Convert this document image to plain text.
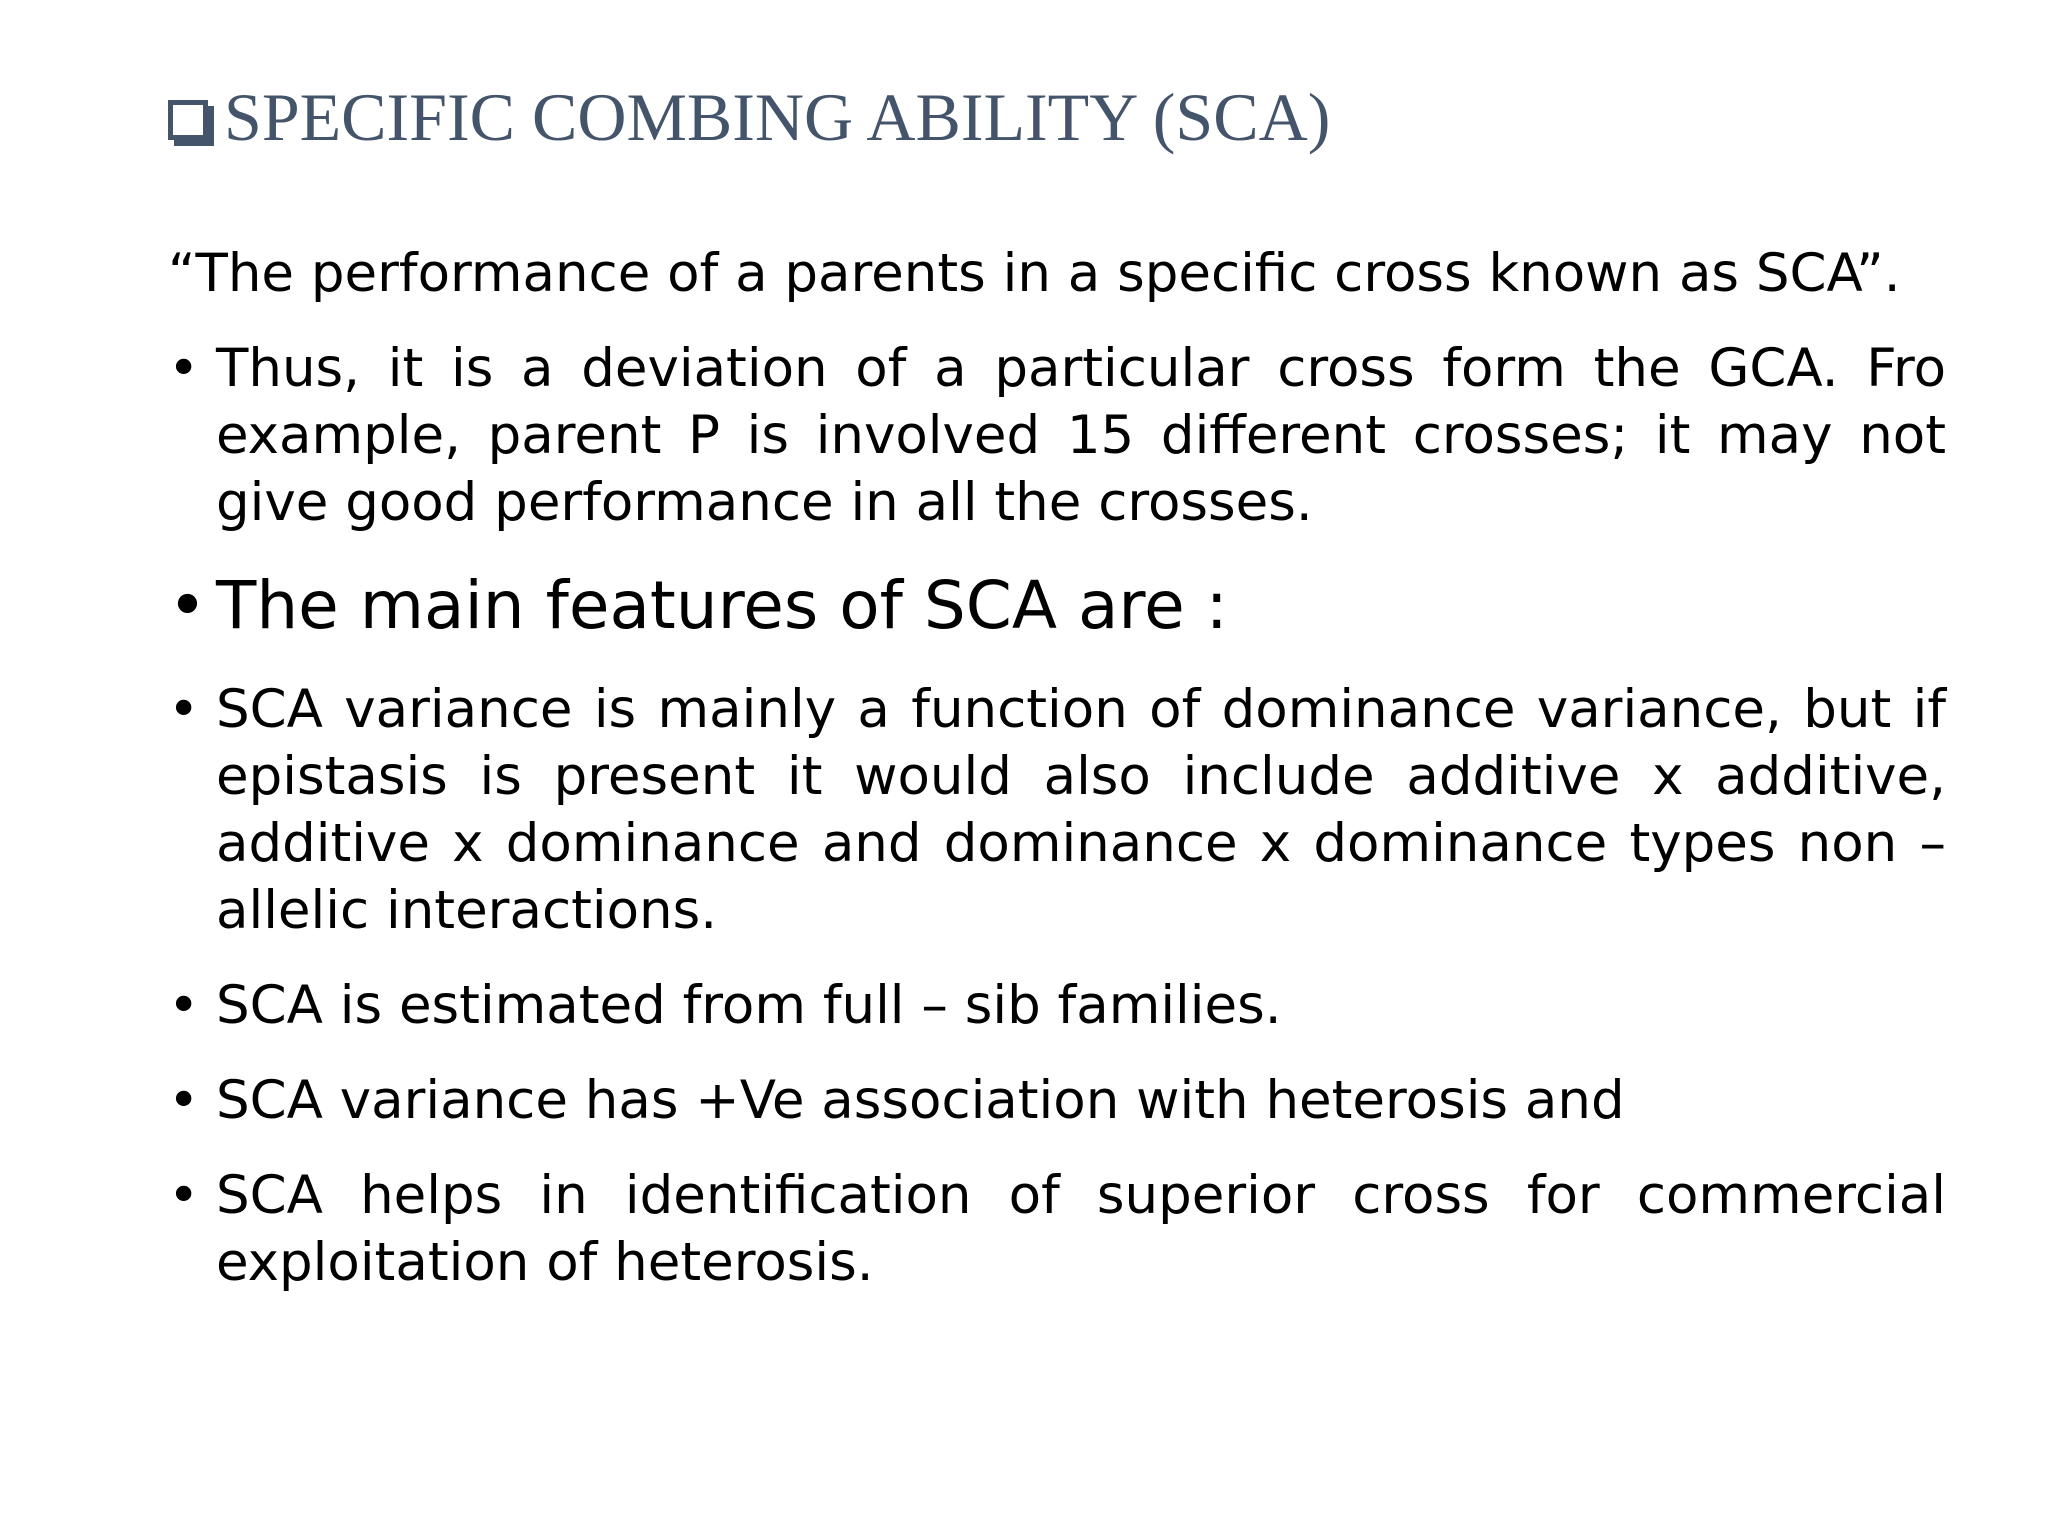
SPECIFIC COMBING ABILITY (SCA)

“The performance of a parents in a specific cross known as SCA”.

• Thus, it is a deviation of a particular cross form the GCA. Fro example, parent P is involved 15 different crosses; it may not give good performance in all the crosses.
• The main features of SCA are :
• SCA variance is mainly a function of dominance variance, but if epistasis is present it would also include additive x additive, additive x dominance and dominance x dominance types non – allelic interactions.
• SCA is estimated from full – sib families.
• SCA variance has +Ve association with heterosis and
• SCA helps in identification of superior cross for commercial exploitation of heterosis.
